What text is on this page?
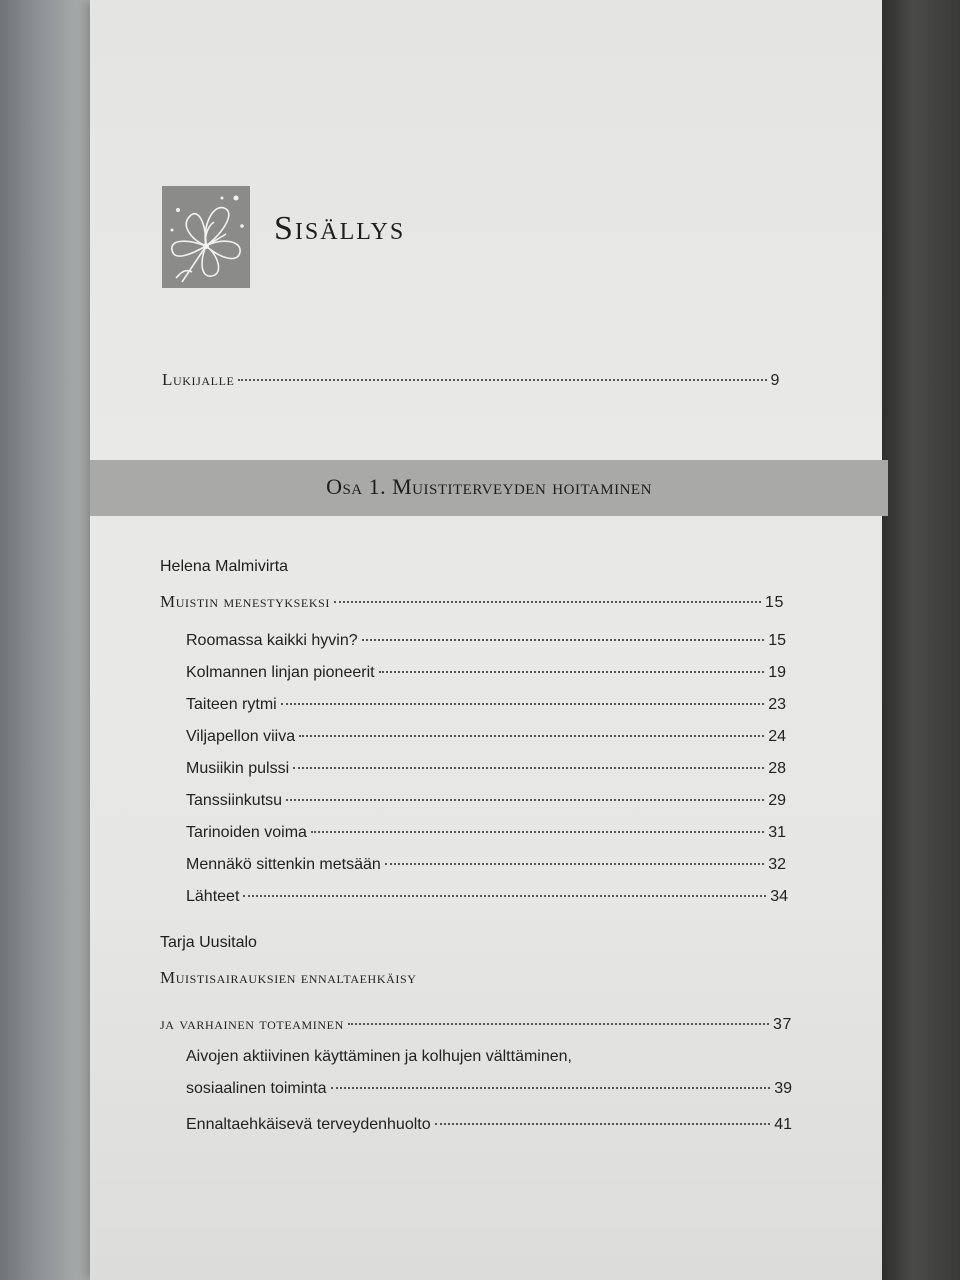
Sisällys
Lukijalle	9
Osa 1. Muistiterveyden hoitaminen
Helena Malmivirta
Muistin menestykseksi	15
Roomassa kaikki hyvin?	15
Kolmannen linjan pioneerit	19
Taiteen rytmi	23
Viljapellon viiva	24
Musiikin pulssi	28
Tanssiinkutsu	29
Tarinoiden voima	31
Mennäkö sittenkin metsään	32
Lähteet	34
Tarja Uusitalo
Muistisairauksien ennaltaehkäisy
ja varhainen toteaminen	37
Aivojen aktiivinen käyttäminen ja kolhujen välttäminen,
sosiaalinen toiminta	39
Ennaltaehkäisevä terveydenhuolto	41
